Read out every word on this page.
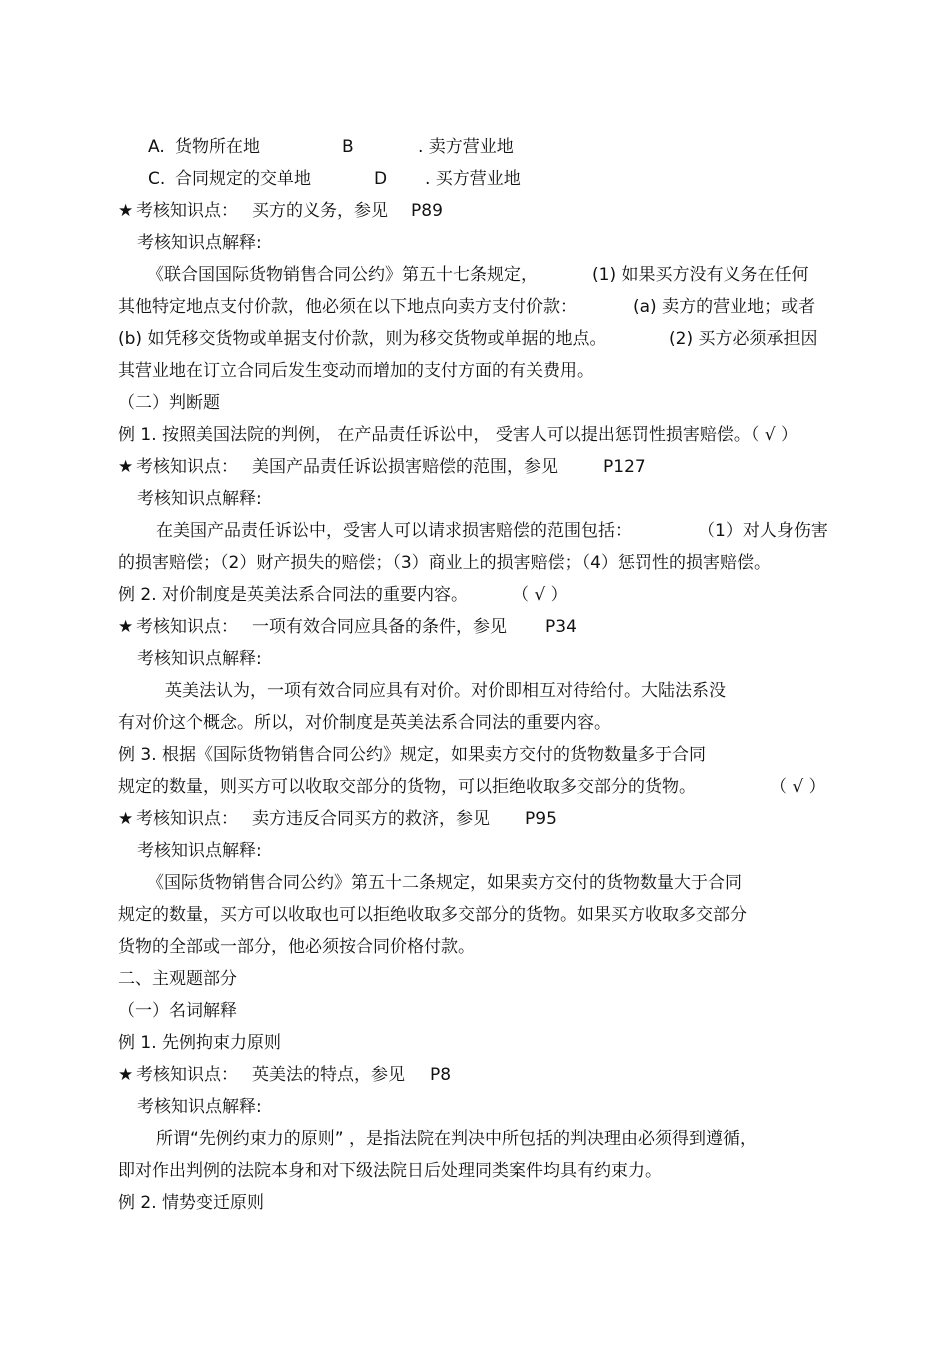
A. 货物所在地	B	. 卖方营业地
C. 合同规定的交单地	D . 买方营业地
★ 考核知识点： 买方的义务，参见 P89
考核知识点解释:
《联合国国际货物销售合同公约》第五十七条规定，	(1) 如果买方没有义务在任何
其他特定地点支付价款，他必须在以下地点向卖方支付价款：	(a) 卖方的营业地；或者
(b) 如凭移交货物或单据支付价款，则为移交货物或单据的地点。	(2) 买方必须承担因
其营业地在订立合同后发生变动而增加的支付方面的有关费用。
（二）判断题
例 1. 按照美国法院的判例， 在产品责任诉讼中， 受害人可以提出惩罚性损害赔偿。（ √ ）
★ 考核知识点： 美国产品责任诉讼损害赔偿的范围，参见	P127
考核知识点解释:
在美国产品责任诉讼中，受害人可以请求损害赔偿的范围包括：	（1）对人身伤害
的损害赔偿；（2）财产损失的赔偿；（3）商业上的损害赔偿；（4）惩罚性的损害赔偿。
例 2. 对价制度是英美法系合同法的重要内容。	（ √ ）
★ 考核知识点： 一项有效合同应具备的条件，参见 P34
考核知识点解释:
英美法认为，一项有效合同应具有对价。对价即相互对待给付。大陆法系没
有对价这个概念。所以，对价制度是英美法系合同法的重要内容。
例 3. 根据《国际货物销售合同公约》规定，如果卖方交付的货物数量多于合同
规定的数量，则买方可以收取交部分的货物，可以拒绝收取多交部分的货物。	（ √ ）
★ 考核知识点： 卖方违反合同买方的救济，参见 P95
考核知识点解释:
《国际货物销售合同公约》第五十二条规定，如果卖方交付的货物数量大于合同
规定的数量，买方可以收取也可以拒绝收取多交部分的货物。如果买方收取多交部分
货物的全部或一部分，他必须按合同价格付款。
二、主观题部分
（一）名词解释
例 1. 先例拘束力原则
★ 考核知识点： 英美法的特点，参见 P8
考核知识点解释:
所谓“先例约束力的原则” ，是指法院在判决中所包括的判决理由必须得到遵循，
即对作出判例的法院本身和对下级法院日后处理同类案件均具有约束力。
例 2. 情势变迁原则
